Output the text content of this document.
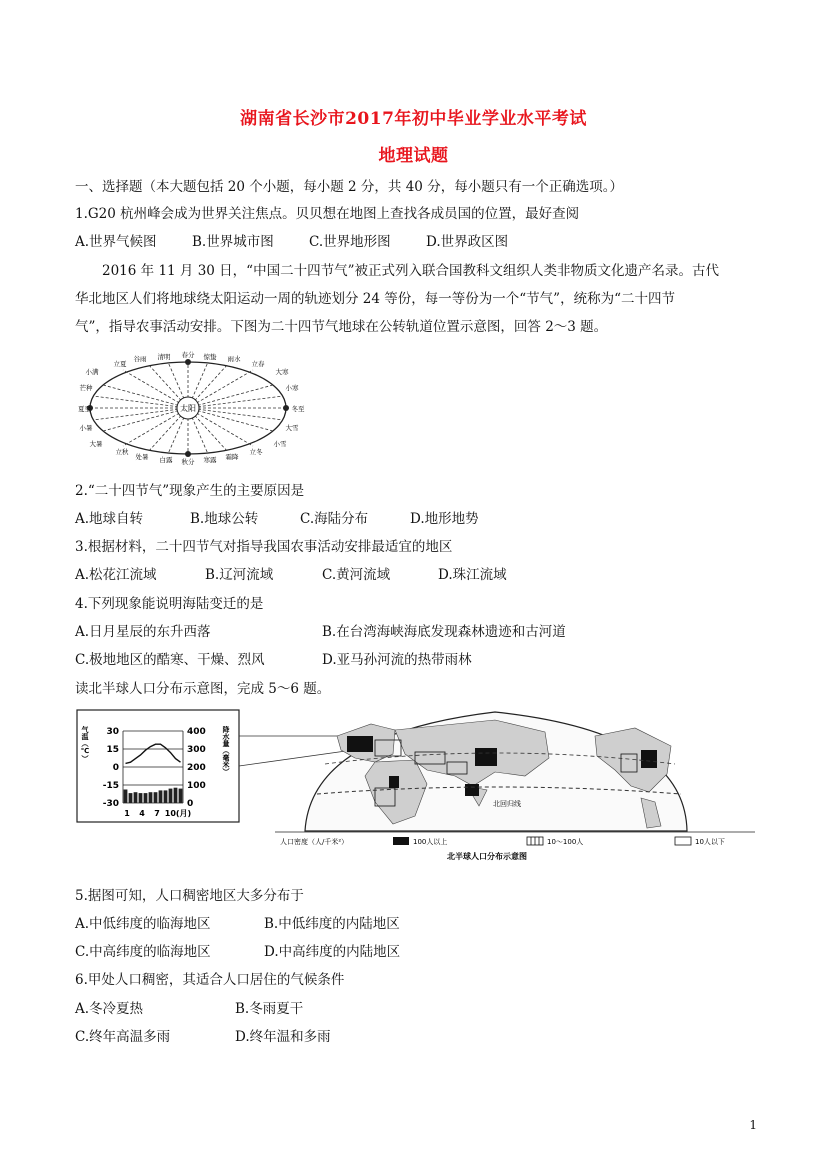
湖南省长沙市2017年初中毕业学业水平考试
地理试题
一、选择题（本大题包括 20 个小题，每小题 2 分，共 40 分，每小题只有一个正确选项。）
1.G20 杭州峰会成为世界关注焦点。贝贝想在地图上查找各成员国的位置，最好查阅
A.世界气候图	B.世界城市图	C.世界地形图	D.世界政区图
2016 年 11 月 30 日，“中国二十四节气”被正式列入联合国教科文组织人类非物质文化遗产名录。古代
华北地区人们将地球绕太阳运动一周的轨迹划分 24 等份，每一等份为一个“节气”，统称为“二十四节
气”，指导农事活动安排。下图为二十四节气地球在公转轨道位置示意图，回答 2～3 题。
太阳
立夏
谷雨 清明 春分 惊蛰 雨水
立春
大寒
小寒
冬至
大雪
小雪
立冬
霜降
寒露
秋分
白露
处暑
立秋
小满
芒种
夏至
小暑
大暑
2.“二十四节气”现象产生的主要原因是
A.地球自转	B.地球公转	C.海陆分布	D.地形地势
3.根据材料，二十四节气对指导我国农事活动安排最适宜的地区
A.松花江流域	B.辽河流域	C.黄河流域	D.珠江流域
4.下列现象能说明海陆变迁的是
A.日月星辰的东升西落	B.在台湾海峡海底发现森林遗迹和古河道
C.极地地区的酷寒、干燥、烈风	D.亚马孙河流的热带雨林
读北半球人口分布示意图，完成 5～6 题。
气温（℃）	降水量（毫米）
30
15
0
-15
-30
400
300
200
100
0
1 4 7 10(月)
北回归线
人口密度（人/千米²）	100人以上	10～100人	10人以下
北半球人口分布示意图
5.据图可知，人口稠密地区大多分布于
A.中低纬度的临海地区	B.中低纬度的内陆地区
C.中高纬度的临海地区	D.中高纬度的内陆地区
6.甲处人口稠密，其适合人口居住的气候条件
A.冬冷夏热	B.冬雨夏干
C.终年高温多雨	D.终年温和多雨
1
